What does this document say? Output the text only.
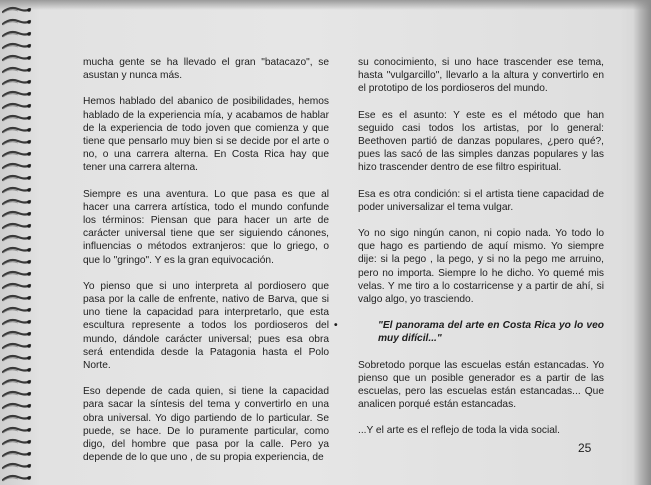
mucha gente se ha llevado el gran "batacazo", se asustan y nunca más.

Hemos hablado del abanico de posibilidades, hemos hablado de la experiencia mía, y acabamos de hablar de la experiencia de todo joven que comienza y que tiene que pensarlo muy bien si se decide por el arte o no, o una carrera alterna. En Costa Rica hay que tener una carrera alterna.

Siempre es una aventura. Lo que pasa es que al hacer una carrera artística, todo el mundo confunde los términos: Piensan que para hacer un arte de carácter universal tiene que ser siguiendo cánones, influencias o métodos extranjeros: que lo griego, o que lo "gringo". Y es la gran equivocación.

Yo pienso que si uno interpreta al pordiosero que pasa por la calle de enfrente, nativo de Barva, que si uno tiene la capacidad para interpretarlo, que esta escultura represente a todos los pordioseros del mundo, dándole carácter universal; pues esa obra será entendida desde la Patagonia hasta el Polo Norte.

Eso depende de cada quien, si tiene la capacidad para sacar la síntesis del tema y convertirlo en una obra universal. Yo digo partiendo de lo particular. Se puede, se hace. De lo puramente particular, como digo, del hombre que pasa por la calle. Pero ya depende de lo que uno , de su propia experiencia, de

su conocimiento, si uno hace trascender ese tema, hasta "vulgarcillo", llevarlo a la altura y convertirlo en el prototipo de los pordioseros del mundo.

Ese es el asunto: Y este es el método que han seguido casi todos los artistas, por lo general: Beethoven partió de danzas populares, ¿pero qué?, pues las sacó de las simples danzas populares y las hizo trascender dentro de ese filtro espiritual.

Esa es otra condición: si el artista tiene capacidad de poder universalizar el tema vulgar.

Yo no sigo ningún canon, ni copio nada. Yo todo lo que hago es partiendo de aquí mismo. Yo siempre dije: si la pego , la pego, y si no la pego me arruino, pero no importa. Siempre lo he dicho. Yo quemé mis velas. Y me tiro a lo costarricense y a partir de ahí, si valgo algo, yo trasciendo.

•	"El panorama del arte en Costa Rica yo lo veo muy difícil..."

Sobretodo porque las escuelas están estancadas. Yo pienso que un posible generador es a partir de las escuelas, pero las escuelas están estancadas... Que analicen porqué están estancadas.

...Y el arte es el reflejo de toda la vida social.

25
